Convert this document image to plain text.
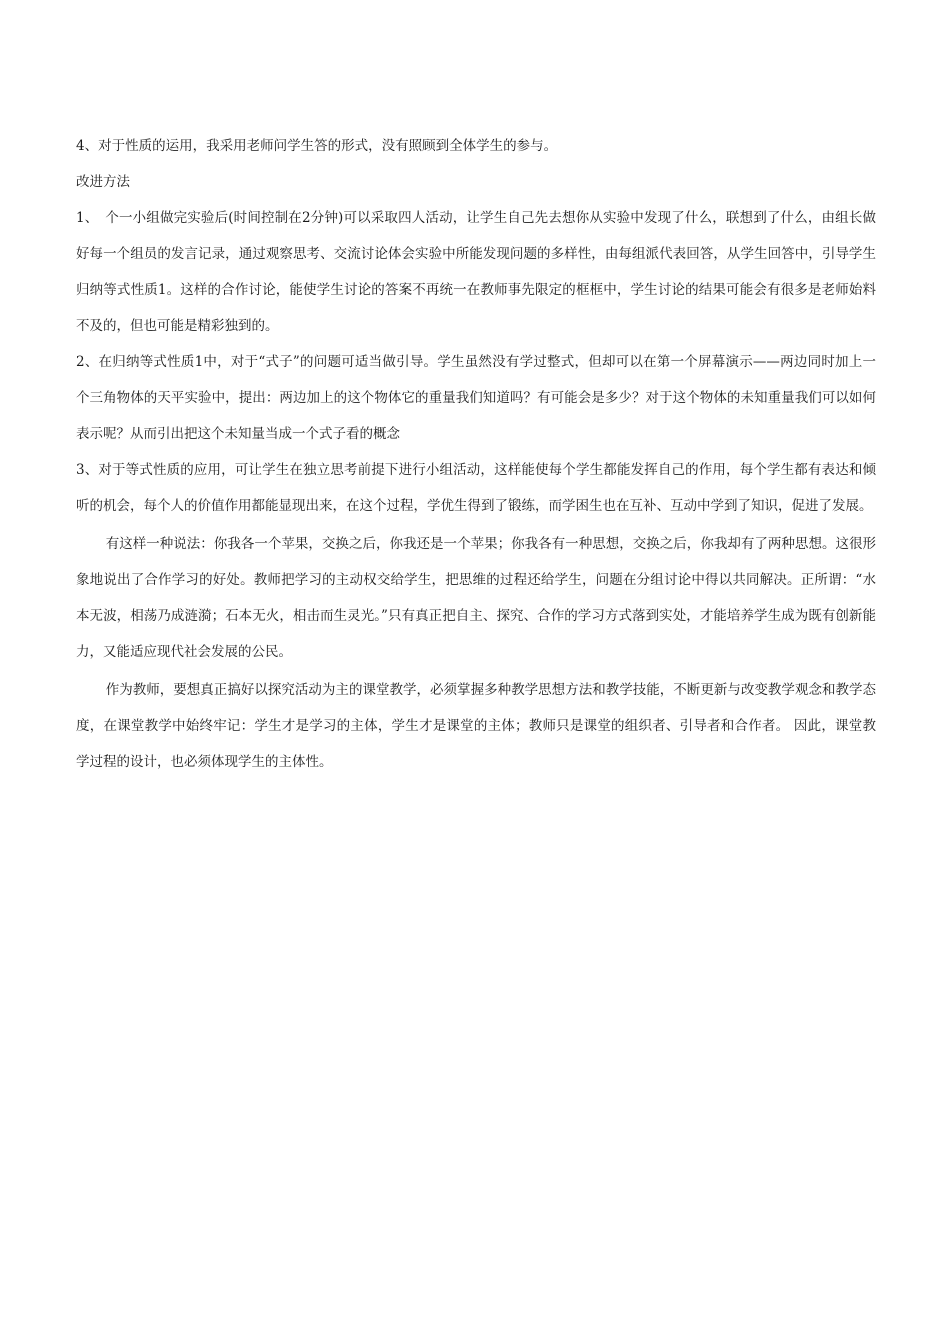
4、对于性质的运用，我采用老师问学生答的形式，没有照顾到全体学生的参与。

改进方法

1、　个一小组做完实验后(时间控制在2分钟)可以采取四人活动，让学生自己先去想你从实验中发现了什么，联想到了什么，由组长做好每一个组员的发言记录，通过观察思考、交流讨论体会实验中所能发现问题的多样性，由每组派代表回答，从学生回答中，引导学生归纳等式性质1。这样的合作讨论，能使学生讨论的答案不再统一在教师事先限定的框框中，学生讨论的结果可能会有很多是老师始料不及的，但也可能是精彩独到的。

2、在归纳等式性质1中，对于“式子”的问题可适当做引导。学生虽然没有学过整式，但却可以在第一个屏幕演示——两边同时加上一个三角物体的天平实验中，提出：两边加上的这个物体它的重量我们知道吗？有可能会是多少？对于这个物体的未知重量我们可以如何表示呢？从而引出把这个未知量当成一个式子看的概念

3、对于等式性质的应用，可让学生在独立思考前提下进行小组活动，这样能使每个学生都能发挥自己的作用，每个学生都有表达和倾听的机会，每个人的价值作用都能显现出来，在这个过程，学优生得到了锻练，而学困生也在互补、互动中学到了知识，促进了发展。

有这样一种说法：你我各一个苹果，交换之后，你我还是一个苹果；你我各有一种思想，交换之后，你我却有了两种思想。这很形象地说出了合作学习的好处。教师把学习的主动权交给学生，把思维的过程还给学生，问题在分组讨论中得以共同解决。正所谓：“水本无波，相荡乃成涟漪；石本无火，相击而生灵光。”只有真正把自主、探究、合作的学习方式落到实处，才能培养学生成为既有创新能力，又能适应现代社会发展的公民。

作为教师，要想真正搞好以探究活动为主的课堂教学，必须掌握多种教学思想方法和教学技能，不断更新与改变教学观念和教学态度，在课堂教学中始终牢记：学生才是学习的主体，学生才是课堂的主体；教师只是课堂的组织者、引导者和合作者。 因此，课堂教学过程的设计，也必须体现学生的主体性。
